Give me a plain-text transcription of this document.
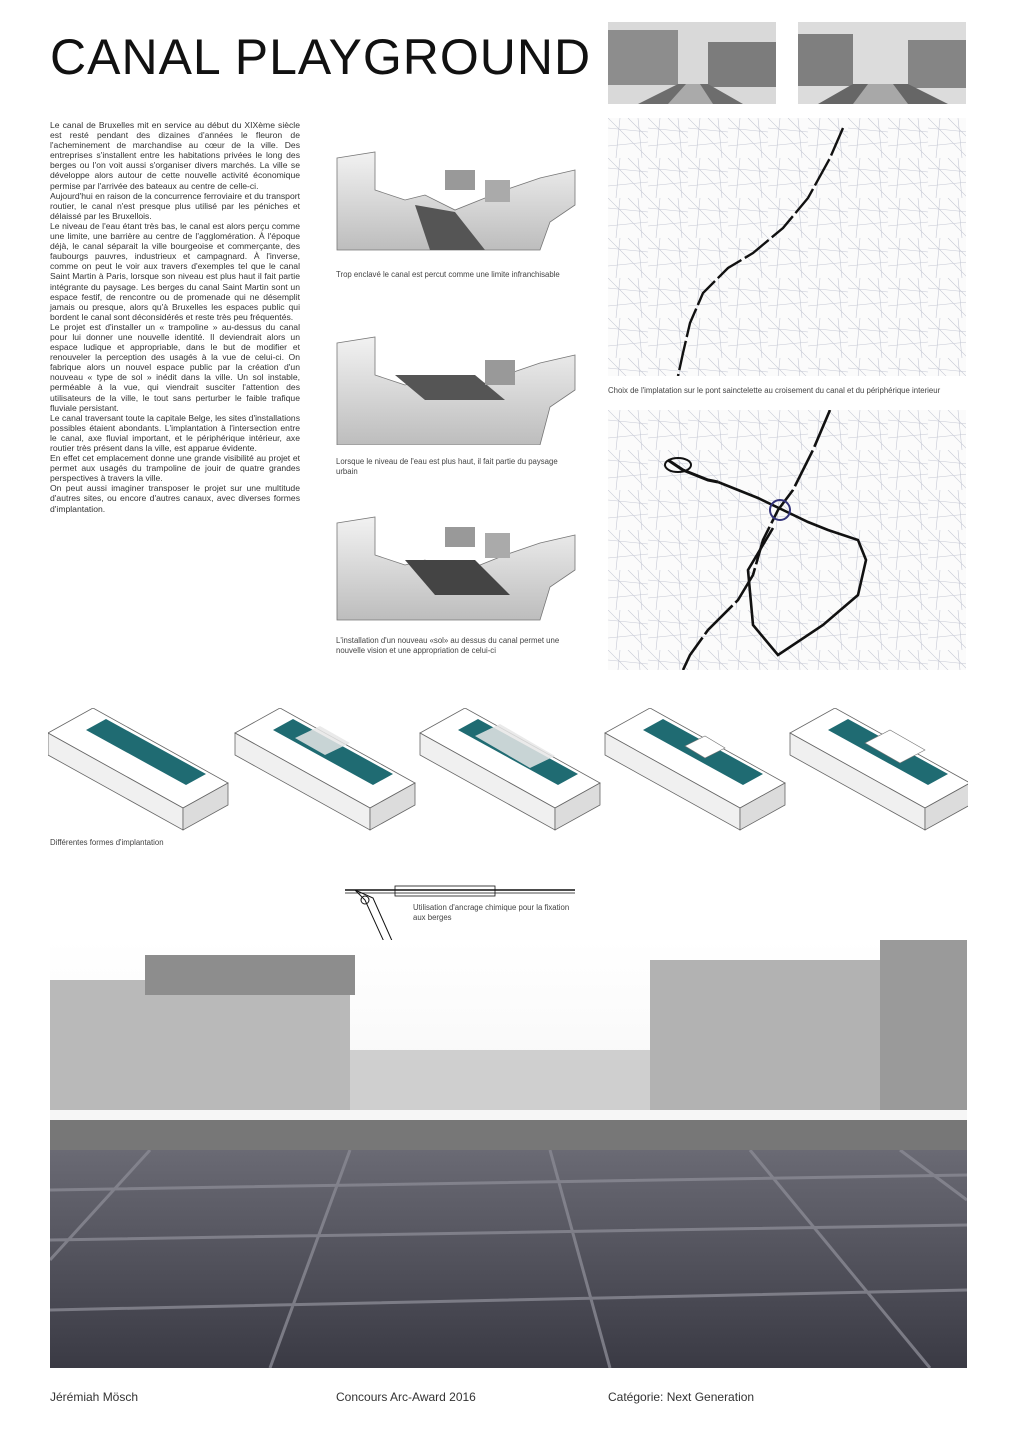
CANAL PLAYGROUND

Le canal de Bruxelles mit en service au début du XIXème siècle est resté pendant des dizaines d'années le fleuron de l'acheminement de marchandise au cœur de la ville. Des entreprises s'installent entre les habitations privées le long des berges ou l'on voit aussi s'organiser divers marchés. La ville se développe alors autour de cette nouvelle activité économique permise par l'arrivée des bateaux au centre de celle-ci.

Aujourd'hui en raison de la concurrence ferroviaire et du transport routier, le canal n'est presque plus utilisé par les péniches et délaissé par les Bruxellois.

Le niveau de l'eau étant très bas, le canal est alors perçu comme une limite, une barrière au centre de l'agglomération. À l'époque déjà, le canal séparait la ville bourgeoise et commerçante, des faubourgs pauvres, industrieux et campagnard. À l'inverse, comme on peut le voir aux travers d'exemples tel que le canal Saint Martin à Paris, lorsque son niveau est plus haut il fait partie intégrante du paysage. Les berges du canal Saint Martin sont un espace festif, de rencontre ou de promenade qui ne désemplit jamais ou presque, alors qu'à Bruxelles les espaces public qui bordent le canal sont déconsidérés et reste très peu fréquentés.

Le projet est d'installer un « trampoline » au-dessus du canal pour lui donner une nouvelle identité. Il deviendrait alors un espace ludique et appropriable, dans le but de modifier et renouveler la perception des usagés à la vue de celui-ci. On fabrique alors un nouvel espace public par la création d'un nouveau « type de sol » inédit dans la ville. Un sol instable, perméable à la vue, qui viendrait susciter l'attention des utilisateurs de la ville, le tout sans perturber le faible trafique fluviale persistant.

Le canal traversant toute la capitale Belge, les sites d'installations possibles étaient abondants. L'implantation à l'intersection entre le canal, axe fluvial important, et le périphérique intérieur, axe routier très présent dans la ville, est apparue évidente.

En effet cet emplacement donne une grande visibilité au projet et permet aux usagés du trampoline de jouir de quatre grandes perspectives à travers la ville.

On peut aussi imaginer transposer le projet sur une multitude d'autres sites, ou encore d'autres canaux, avec diverses formes d'implantation.

Trop enclavé le canal est percut comme une limite infranchisable
Lorsque le niveau de l'eau est plus haut, il fait partie du paysage urbain
L'installation d'un nouveau «sol» au dessus du canal permet une nouvelle vision et une appropriation de celui-ci
Choix de l'implatation sur le pont sainctelette au croisement du canal et du périphérique interieur
Différentes formes d'implantation
Utilisation d'ancrage chimique pour la fixation aux berges
Jérémiah Mösch	Concours Arc-Award 2016	Catégorie: Next Generation
